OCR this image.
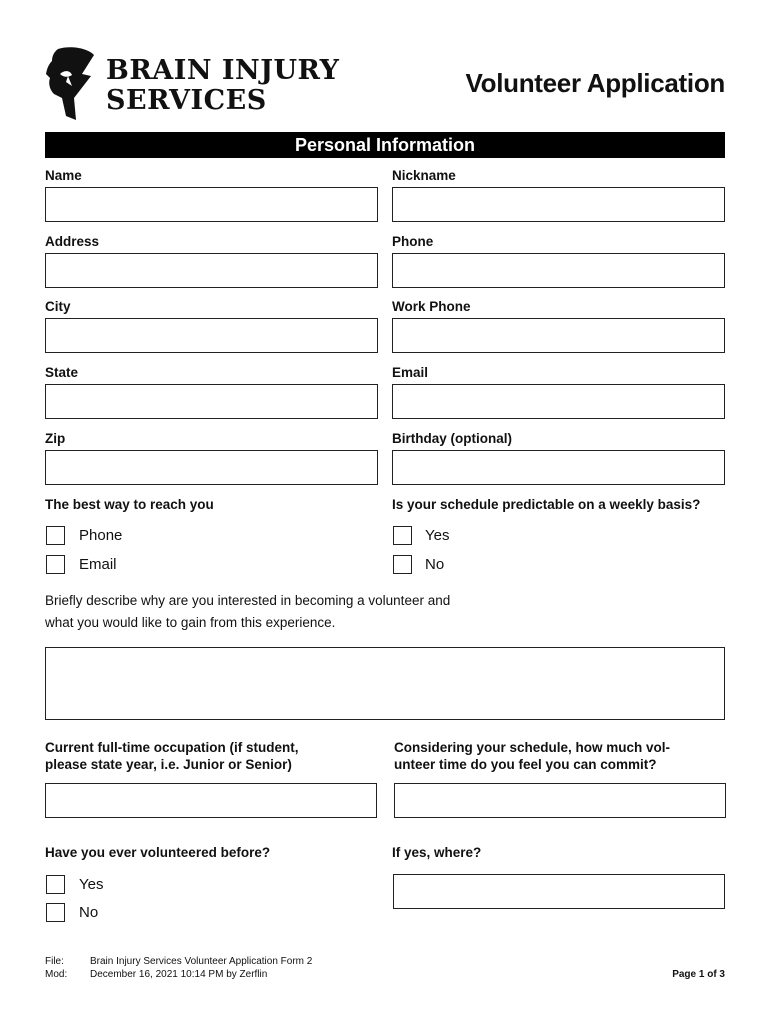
BRAIN INJURY
SERVICES
Volunteer Application
Personal Information
Name	Nickname
Address	Phone
City	Work Phone
State	Email
Zip	Birthday (optional)
The best way to reach you
Phone
Email
Is your schedule predictable on a weekly basis?
Yes
No
Briefly describe why are you interested in becoming a volunteer and
what you would like to gain from this experience.
Current full-time occupation (if student,
please state year, i.e. Junior or Senior)
Considering your schedule, how much vol-
unteer time do you feel you can commit?
Have you ever volunteered before?
Yes
No
If yes, where?
File:	Brain Injury Services Volunteer Application Form 2
Mod: December 16, 2021 10:14 PM by Zerflin	Page 1 of 3
